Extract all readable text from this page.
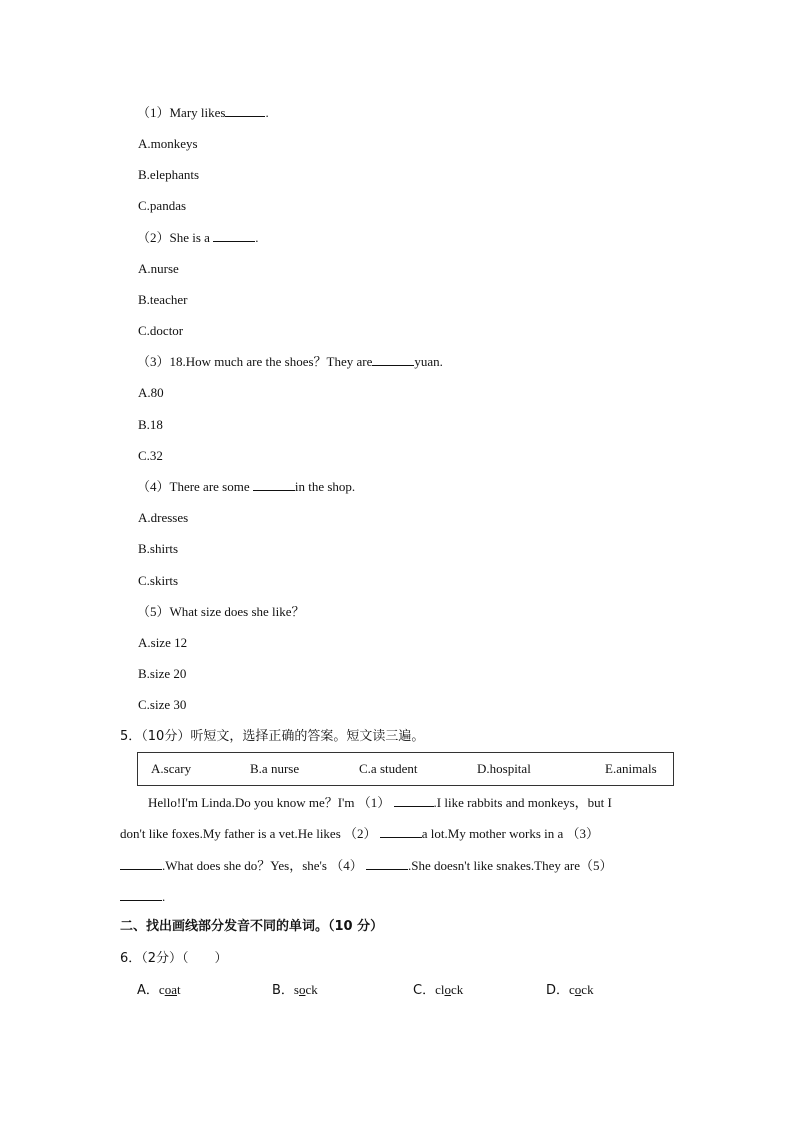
（1）Mary likes	.
A.monkeys
B.elephants
C.pandas
（2）She is a	.
A.nurse
B.teacher
C.doctor
（3）18.How much are the shoes？They are	yuan.
A.80
B.18
C.32
（4）There are some	in the shop.
A.dresses
B.shirts
C.skirts
（5）What size does she like？
A.size 12
B.size 20
C.size 30
5．（10分）听短文，选择正确的答案。短文读三遍。
A.scary	B.a nurse	C.a student	D.hospital	E.animals
Hello!I'm Linda.Do you know me？I'm （1）	.I like rabbits and monkeys，but I
don't like foxes.My father is a vet.He likes （2）	a lot.My mother works in a （3）
.What does she do？Yes，she's （4）	.She doesn't like snakes.They are（5）
.
二、找出画线部分发音不同的单词。（10 分）
6．（2分）（　　）
A．coat	B．sock	C．clock	D．cock
